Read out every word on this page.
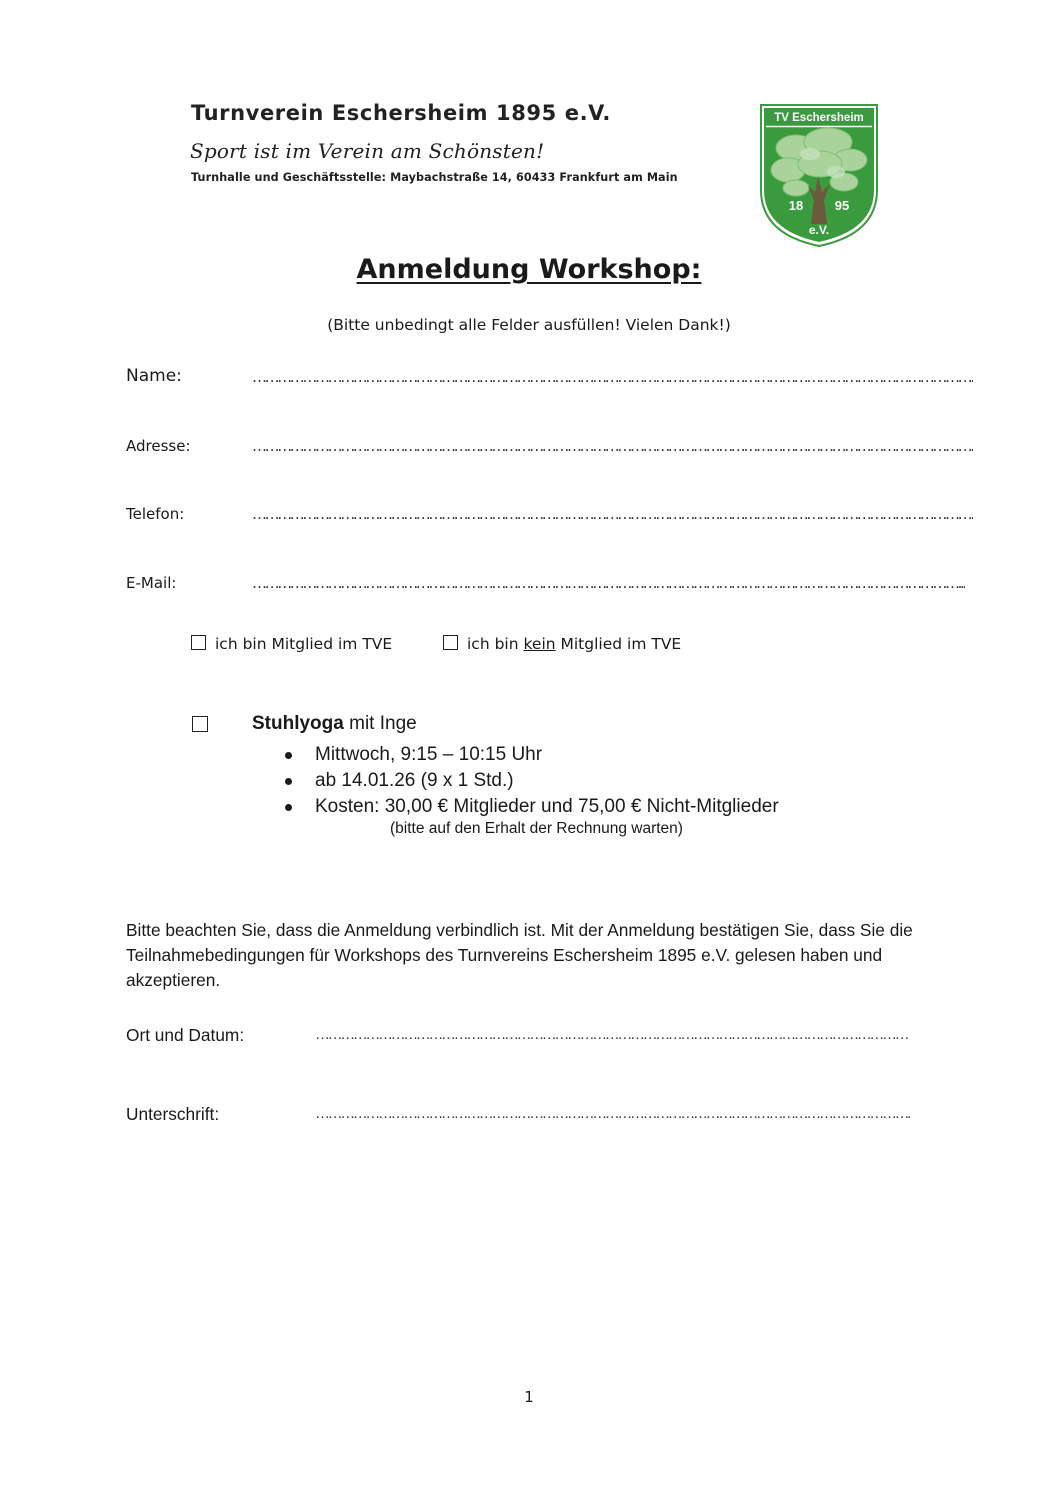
Turnverein Eschersheim 1895 e.V.
Sport ist im Verein am Schönsten!
Turnhalle und Geschäftsstelle: Maybachstraße 14, 60433 Frankfurt am Main
TV Eschersheim
18 95
e.V.
Anmeldung Workshop:
(Bitte unbedingt alle Felder ausfüllen! Vielen Dank!)
Name:	……………………………………………………………………………………………………………………………………………………….
Adresse:	……………………………………………………………………………………………………………………………………………………….
Telefon:	……………………………………………………………………………………………………………………………………………………….
E-Mail:	……………………………………………………………………………………………………………………………………………………...
ich bin Mitglied im TVE	ich bin kein Mitglied im TVE
Stuhlyoga mit Inge
Mittwoch, 9:15 – 10:15 Uhr
ab 14.01.26 (9 x 1 Std.)
Kosten: 30,00 € Mitglieder und 75,00 € Nicht-Mitglieder
(bitte auf den Erhalt der Rechnung warten)
Bitte beachten Sie, dass die Anmeldung verbindlich ist. Mit der Anmeldung bestätigen Sie, dass Sie die Teilnahmebedingungen für Workshops des Turnvereins Eschersheim 1895 e.V. gelesen haben und akzeptieren.
Ort und Datum:	……………………………………………………………………………………………………………………………
Unterschrift:	…………………………………………………………………………………………………………………………….
1
